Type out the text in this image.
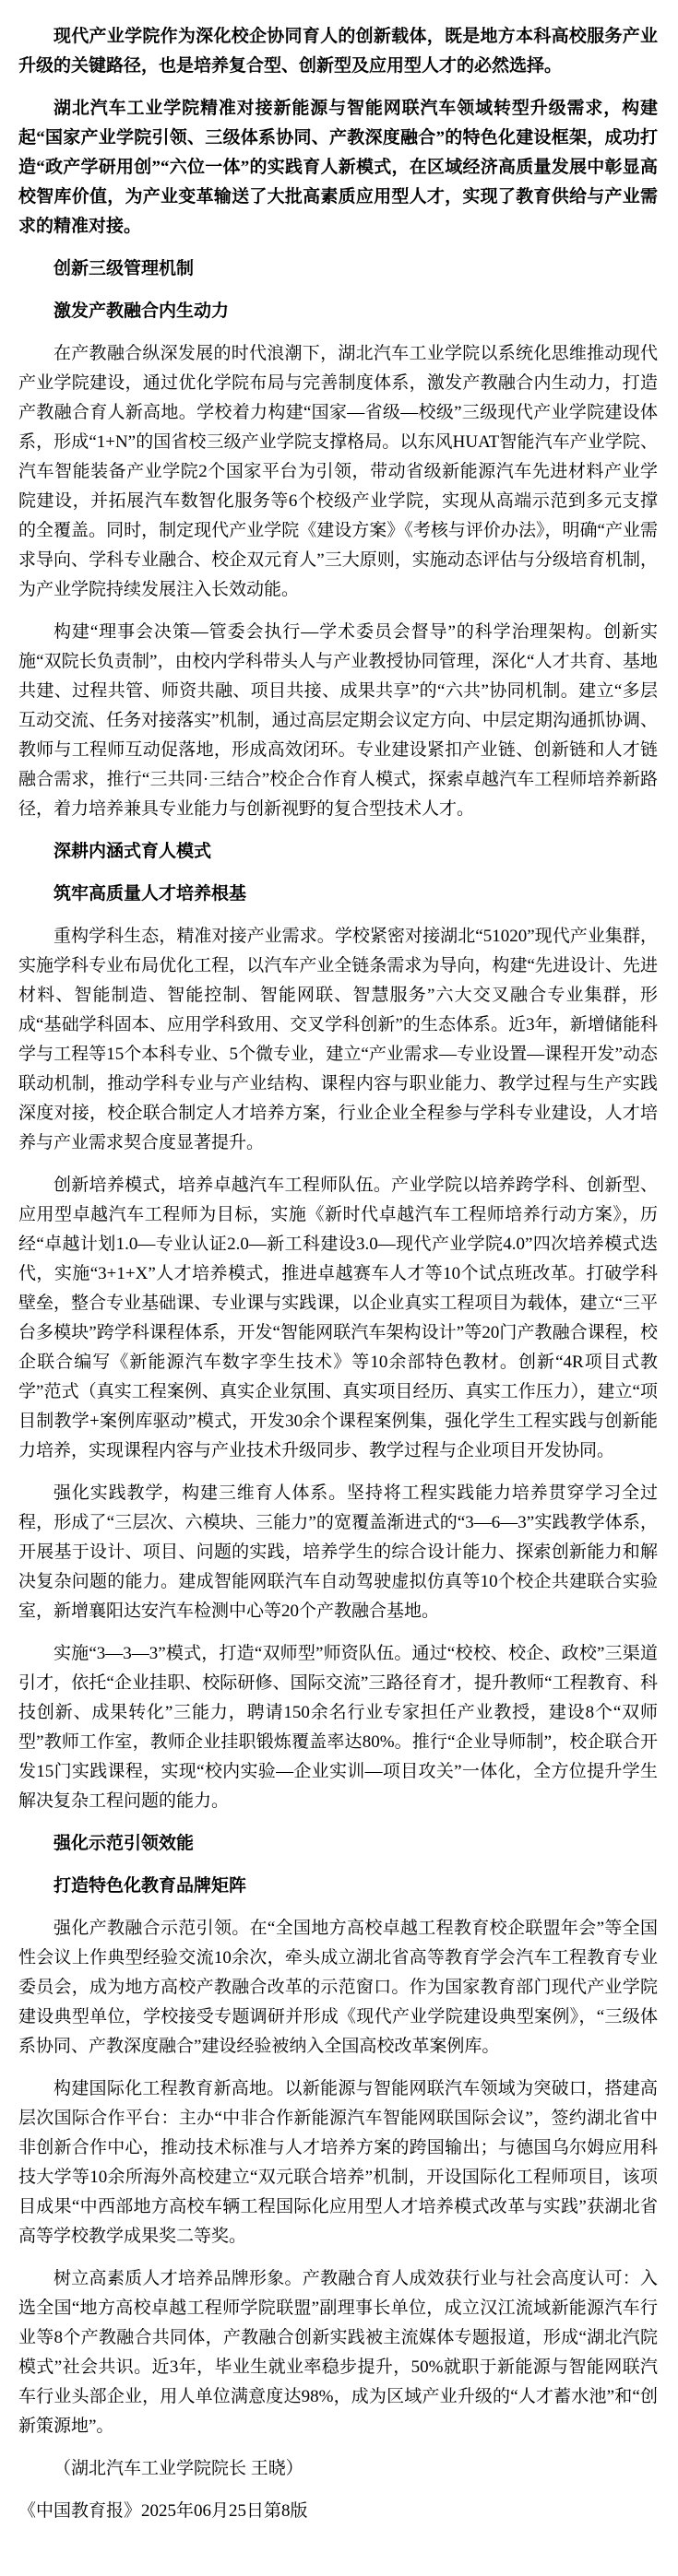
现代产业学院作为深化校企协同育人的创新载体，既是地方本科高校服务产业升级的关键路径，也是培养复合型、创新型及应用型人才的必然选择。

湖北汽车工业学院精准对接新能源与智能网联汽车领域转型升级需求，构建起“国家产业学院引领、三级体系协同、产教深度融合”的特色化建设框架，成功打造“政产学研用创”“六位一体”的实践育人新模式，在区域经济高质量发展中彰显高校智库价值，为产业变革输送了大批高素质应用型人才，实现了教育供给与产业需求的精准对接。

创新三级管理机制

激发产教融合内生动力

在产教融合纵深发展的时代浪潮下，湖北汽车工业学院以系统化思维推动现代产业学院建设，通过优化学院布局与完善制度体系，激发产教融合内生动力，打造产教融合育人新高地。学校着力构建“国家—省级—校级”三级现代产业学院建设体系，形成“1+N”的国省校三级产业学院支撑格局。以东风HUAT智能汽车产业学院、汽车智能装备产业学院2个国家平台为引领，带动省级新能源汽车先进材料产业学院建设，并拓展汽车数智化服务等6个校级产业学院，实现从高端示范到多元支撑的全覆盖。同时，制定现代产业学院《建设方案》《考核与评价办法》，明确“产业需求导向、学科专业融合、校企双元育人”三大原则，实施动态评估与分级培育机制，为产业学院持续发展注入长效动能。

构建“理事会决策—管委会执行—学术委员会督导”的科学治理架构。创新实施“双院长负责制”，由校内学科带头人与产业教授协同管理，深化“人才共育、基地共建、过程共管、师资共融、项目共接、成果共享”的“六共”协同机制。建立“多层互动交流、任务对接落实”机制，通过高层定期会议定方向、中层定期沟通抓协调、教师与工程师互动促落地，形成高效闭环。专业建设紧扣产业链、创新链和人才链融合需求，推行“三共同·三结合”校企合作育人模式，探索卓越汽车工程师培养新路径，着力培养兼具专业能力与创新视野的复合型技术人才。

深耕内涵式育人模式

筑牢高质量人才培养根基

重构学科生态，精准对接产业需求。学校紧密对接湖北“51020”现代产业集群，实施学科专业布局优化工程，以汽车产业全链条需求为导向，构建“先进设计、先进材料、智能制造、智能控制、智能网联、智慧服务”六大交叉融合专业集群，形成“基础学科固本、应用学科致用、交叉学科创新”的生态体系。近3年，新增储能科学与工程等15个本科专业、5个微专业，建立“产业需求—专业设置—课程开发”动态联动机制，推动学科专业与产业结构、课程内容与职业能力、教学过程与生产实践深度对接，校企联合制定人才培养方案，行业企业全程参与学科专业建设，人才培养与产业需求契合度显著提升。

创新培养模式，培养卓越汽车工程师队伍。产业学院以培养跨学科、创新型、应用型卓越汽车工程师为目标，实施《新时代卓越汽车工程师培养行动方案》，历经“卓越计划1.0—专业认证2.0—新工科建设3.0—现代产业学院4.0”四次培养模式迭代，实施“3+1+X”人才培养模式，推进卓越赛车人才等10个试点班改革。打破学科壁垒，整合专业基础课、专业课与实践课，以企业真实工程项目为载体，建立“三平台多模块”跨学科课程体系，开发“智能网联汽车架构设计”等20门产教融合课程，校企联合编写《新能源汽车数字孪生技术》等10余部特色教材。创新“4R项目式教学”范式（真实工程案例、真实企业氛围、真实项目经历、真实工作压力），建立“项目制教学+案例库驱动”模式，开发30余个课程案例集，强化学生工程实践与创新能力培养，实现课程内容与产业技术升级同步、教学过程与企业项目开发协同。

强化实践教学，构建三维育人体系。坚持将工程实践能力培养贯穿学习全过程，形成了“三层次、六模块、三能力”的宽覆盖渐进式的“3—6—3”实践教学体系，开展基于设计、项目、问题的实践，培养学生的综合设计能力、探索创新能力和解决复杂问题的能力。建成智能网联汽车自动驾驶虚拟仿真等10个校企共建联合实验室，新增襄阳达安汽车检测中心等20个产教融合基地。

实施“3—3—3”模式，打造“双师型”师资队伍。通过“校校、校企、政校”三渠道引才，依托“企业挂职、校际研修、国际交流”三路径育才，提升教师“工程教育、科技创新、成果转化”三能力，聘请150余名行业专家担任产业教授，建设8个“双师型”教师工作室，教师企业挂职锻炼覆盖率达80%。推行“企业导师制”，校企联合开发15门实践课程，实现“校内实验—企业实训—项目攻关”一体化，全方位提升学生解决复杂工程问题的能力。

强化示范引领效能

打造特色化教育品牌矩阵

强化产教融合示范引领。在“全国地方高校卓越工程教育校企联盟年会”等全国性会议上作典型经验交流10余次，牵头成立湖北省高等教育学会汽车工程教育专业委员会，成为地方高校产教融合改革的示范窗口。作为国家教育部门现代产业学院建设典型单位，学校接受专题调研并形成《现代产业学院建设典型案例》，“三级体系协同、产教深度融合”建设经验被纳入全国高校改革案例库。

构建国际化工程教育新高地。以新能源与智能网联汽车领域为突破口，搭建高层次国际合作平台：主办“中非合作新能源汽车智能网联国际会议”，签约湖北省中非创新合作中心，推动技术标准与人才培养方案的跨国输出；与德国乌尔姆应用科技大学等10余所海外高校建立“双元联合培养”机制，开设国际化工程师项目，该项目成果“中西部地方高校车辆工程国际化应用型人才培养模式改革与实践”获湖北省高等学校教学成果奖二等奖。

树立高素质人才培养品牌形象。产教融合育人成效获行业与社会高度认可：入选全国“地方高校卓越工程师学院联盟”副理事长单位，成立汉江流域新能源汽车行业等8个产教融合共同体，产教融合创新实践被主流媒体专题报道，形成“湖北汽院模式”社会共识。近3年，毕业生就业率稳步提升，50%就职于新能源与智能网联汽车行业头部企业，用人单位满意度达98%，成为区域产业升级的“人才蓄水池”和“创新策源地”。

（湖北汽车工业学院院长 王晓）

《中国教育报》2025年06月25日第8版
